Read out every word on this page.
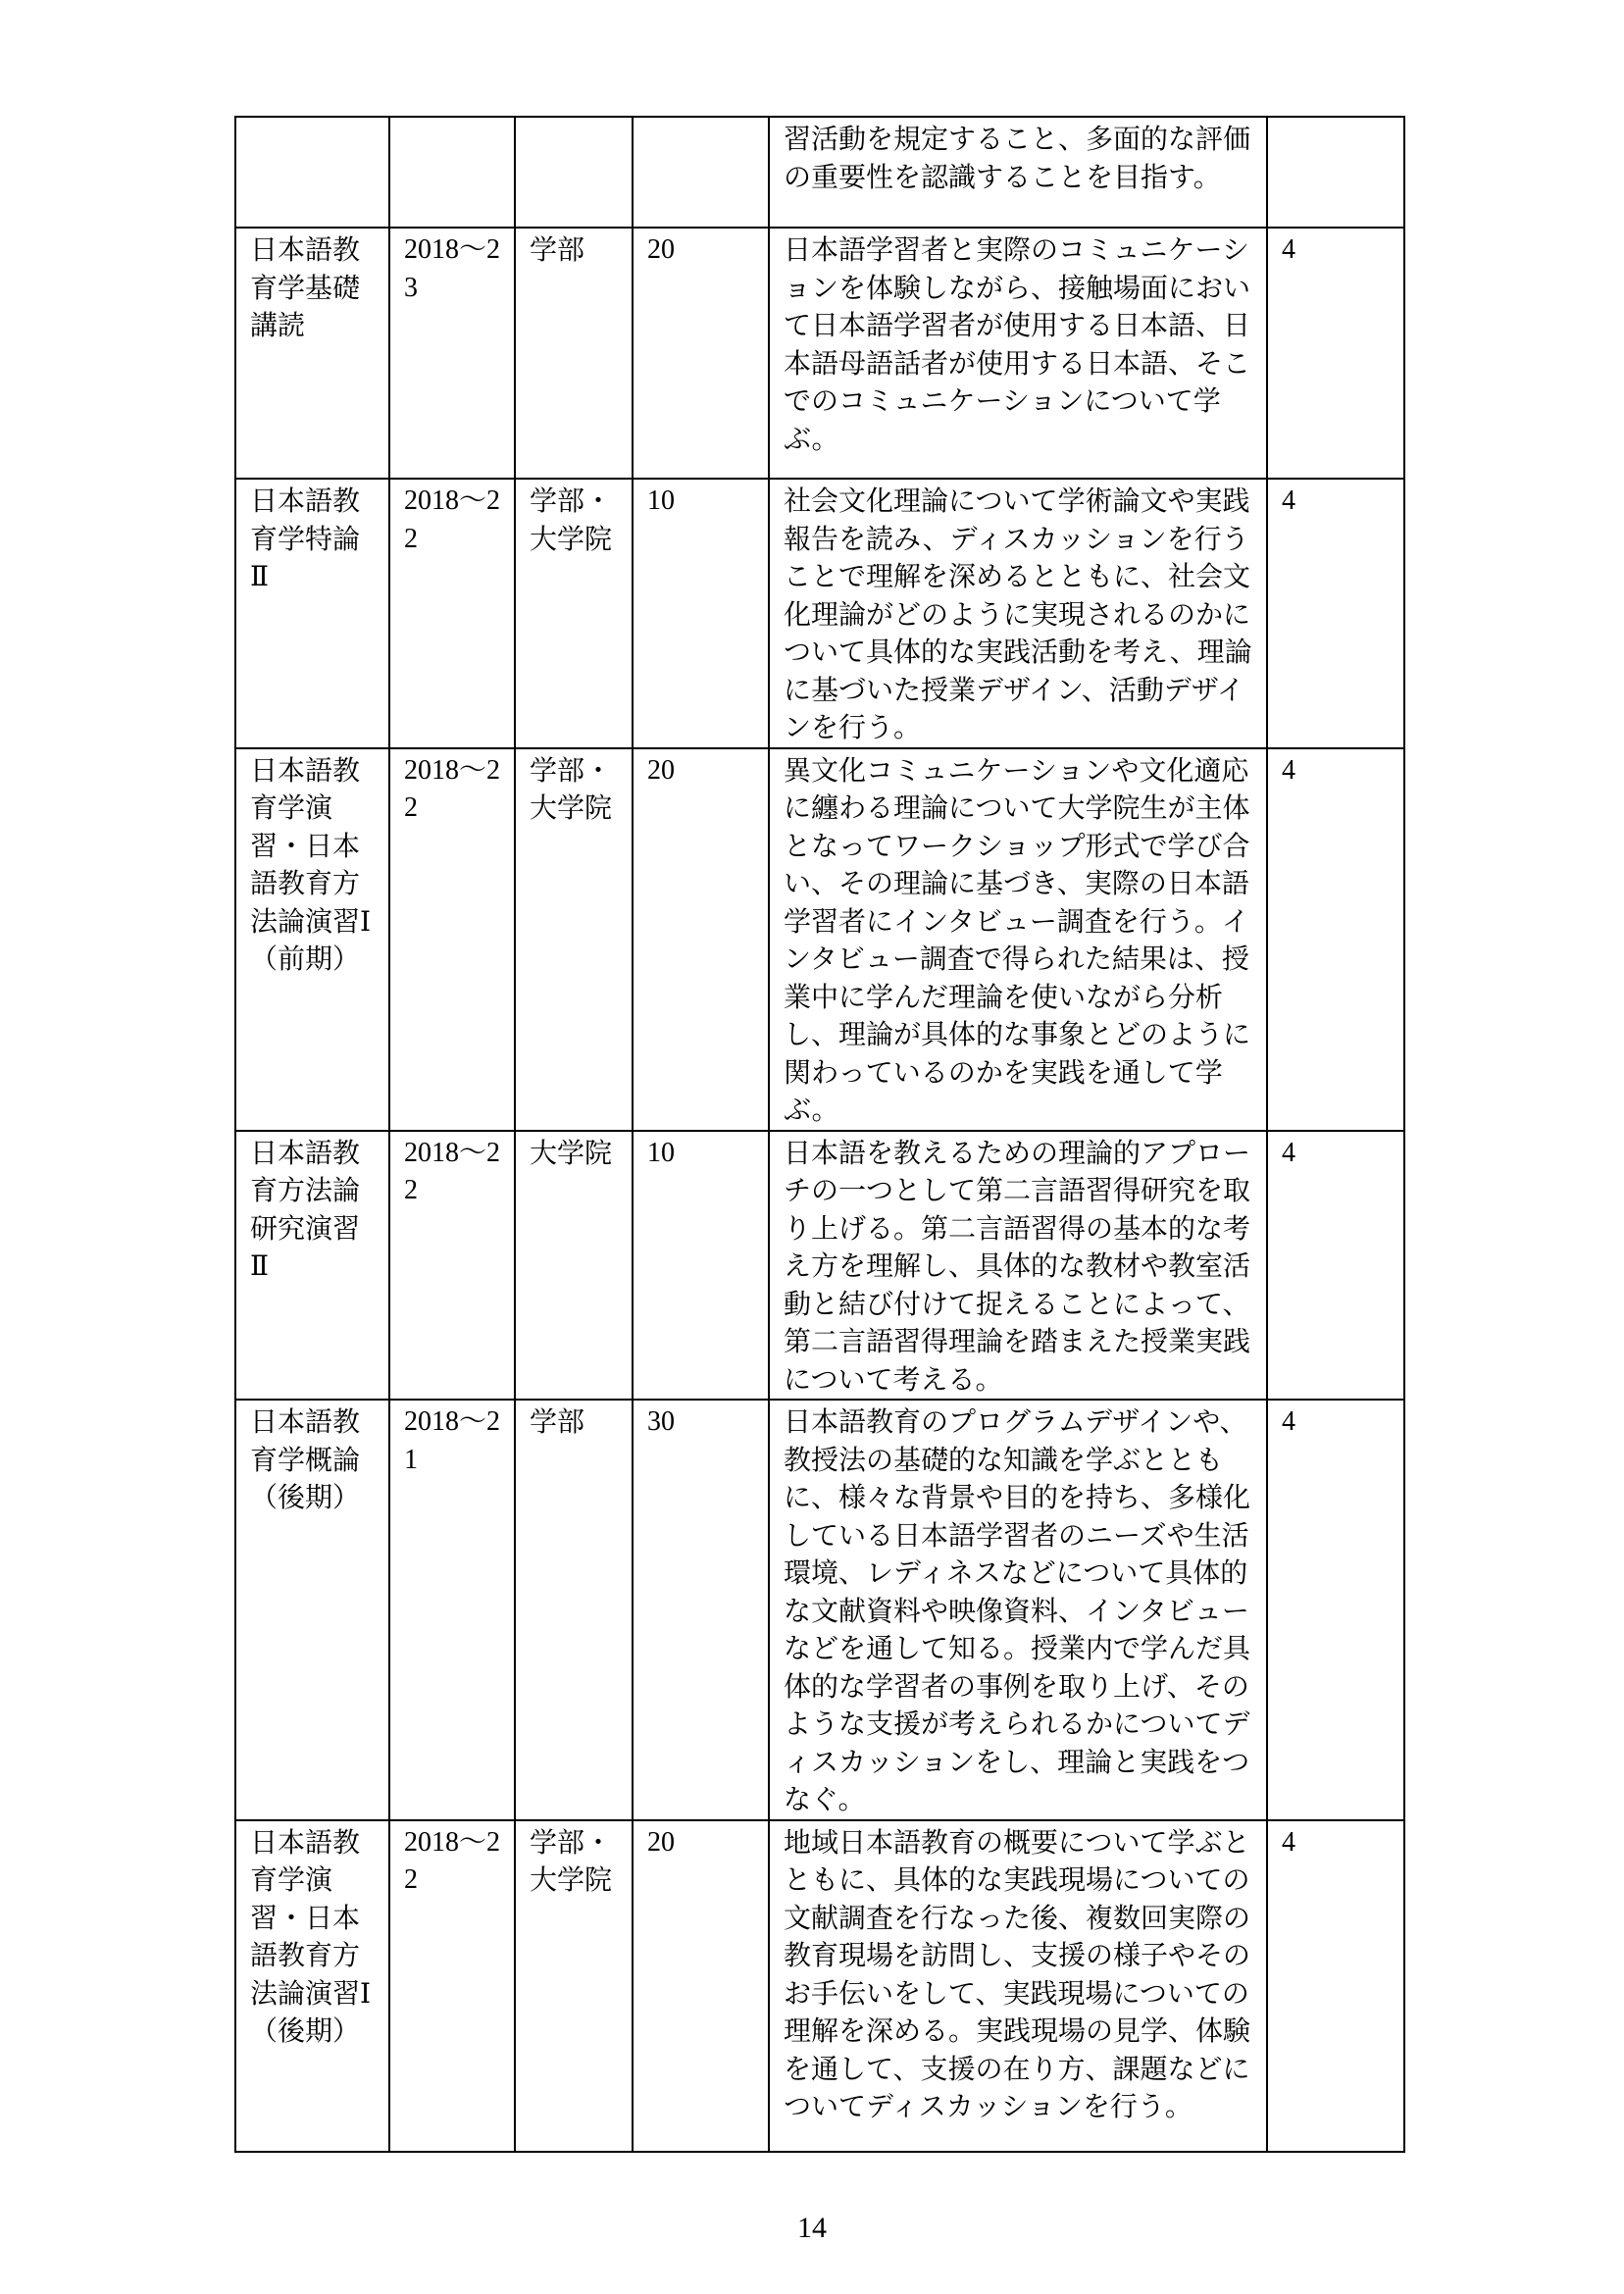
				習活動を規定すること、多面的な評価の重要性を認識することを目指す。	
日本語教育学基礎講読	2018～23	学部	20	日本語学習者と実際のコミュニケーションを体験しながら、接触場面において日本語学習者が使用する日本語、日本語母語話者が使用する日本語、そこでのコミュニケーションについて学ぶ。	4
日本語教育学特論Ⅱ	2018～22	学部・大学院	10	社会文化理論について学術論文や実践報告を読み、ディスカッションを行うことで理解を深めるとともに、社会文化理論がどのように実現されるのかについて具体的な実践活動を考え、理論に基づいた授業デザイン、活動デザインを行う。	4
日本語教育学演習・日本語教育方法論演習Ⅰ（前期）	2018～22	学部・大学院	20	異文化コミュニケーションや文化適応に纏わる理論について大学院生が主体となってワークショップ形式で学び合い、その理論に基づき、実際の日本語学習者にインタビュー調査を行う。インタビュー調査で得られた結果は、授業中に学んだ理論を使いながら分析し、理論が具体的な事象とどのように関わっているのかを実践を通して学ぶ。	4
日本語教育方法論研究演習Ⅱ	2018～22	大学院	10	日本語を教えるための理論的アプローチの一つとして第二言語習得研究を取り上げる。第二言語習得の基本的な考え方を理解し、具体的な教材や教室活動と結び付けて捉えることによって、第二言語習得理論を踏まえた授業実践について考える。	4
日本語教育学概論（後期）	2018～21	学部	30	日本語教育のプログラムデザインや、教授法の基礎的な知識を学ぶとともに、様々な背景や目的を持ち、多様化している日本語学習者のニーズや生活環境、レディネスなどについて具体的な文献資料や映像資料、インタビューなどを通して知る。授業内で学んだ具体的な学習者の事例を取り上げ、そのような支援が考えられるかについてディスカッションをし、理論と実践をつなぐ。	4
日本語教育学演習・日本語教育方法論演習Ⅰ（後期）	2018～22	学部・大学院	20	地域日本語教育の概要について学ぶとともに、具体的な実践現場についての文献調査を行なった後、複数回実際の教育現場を訪問し、支援の様子やそのお手伝いをして、実践現場についての理解を深める。実践現場の見学、体験を通して、支援の在り方、課題などについてディスカッションを行う。	4
14
